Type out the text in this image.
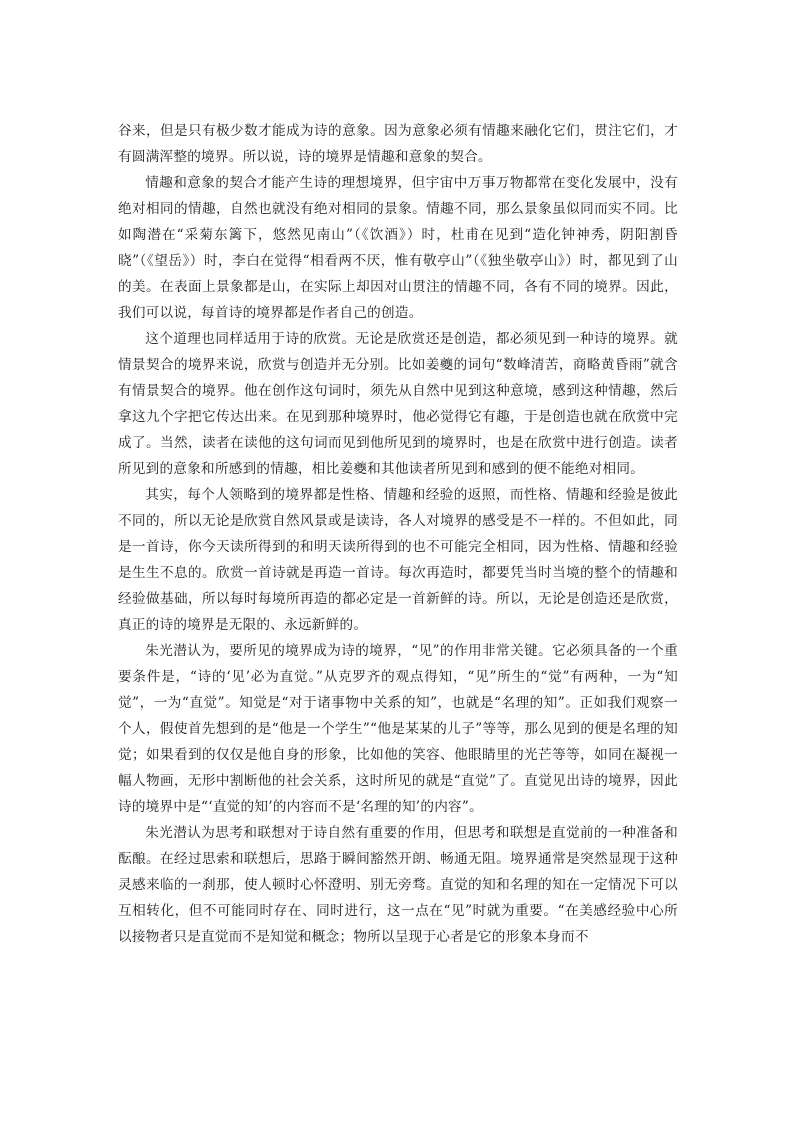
谷来，但是只有极少数才能成为诗的意象。因为意象必须有情趣来融化它们，贯注它们，才有圆满浑整的境界。所以说，诗的境界是情趣和意象的契合。

情趣和意象的契合才能产生诗的理想境界，但宇宙中万事万物都常在变化发展中，没有绝对相同的情趣，自然也就没有绝对相同的景象。情趣不同，那么景象虽似同而实不同。比如陶潜在“采菊东篱下，悠然见南山”（《饮酒》）时，杜甫在见到“造化钟神秀，阴阳割昏晓”（《望岳》）时，李白在觉得“相看两不厌，惟有敬亭山”（《独坐敬亭山》）时，都见到了山的美。在表面上景象都是山，在实际上却因对山贯注的情趣不同，各有不同的境界。因此，我们可以说，每首诗的境界都是作者自己的创造。

这个道理也同样适用于诗的欣赏。无论是欣赏还是创造，都必须见到一种诗的境界。就情景契合的境界来说，欣赏与创造并无分别。比如姜夔的词句“数峰清苦，商略黄昏雨”就含有情景契合的境界。他在创作这句词时，须先从自然中见到这种意境，感到这种情趣，然后拿这九个字把它传达出来。在见到那种境界时，他必觉得它有趣，于是创造也就在欣赏中完成了。当然，读者在读他的这句词而见到他所见到的境界时，也是在欣赏中进行创造。读者所见到的意象和所感到的情趣，相比姜夔和其他读者所见到和感到的便不能绝对相同。

其实，每个人领略到的境界都是性格、情趣和经验的返照，而性格、情趣和经验是彼此不同的，所以无论是欣赏自然风景或是读诗，各人对境界的感受是不一样的。不但如此，同是一首诗，你今天读所得到的和明天读所得到的也不可能完全相同，因为性格、情趣和经验是生生不息的。欣赏一首诗就是再造一首诗。每次再造时，都要凭当时当境的整个的情趣和经验做基础，所以每时每境所再造的都必定是一首新鲜的诗。所以，无论是创造还是欣赏，真正的诗的境界是无限的、永远新鲜的。

朱光潜认为，要所见的境界成为诗的境界，“见”的作用非常关键。它必须具备的一个重要条件是，“诗的‘见’必为直觉。”从克罗齐的观点得知，“见”所生的“觉”有两种，一为“知觉”，一为“直觉”。知觉是“对于诸事物中关系的知”，也就是“名理的知”。正如我们观察一个人，假使首先想到的是“他是一个学生”“他是某某的儿子”等等，那么见到的便是名理的知觉；如果看到的仅仅是他自身的形象，比如他的笑容、他眼睛里的光芒等等，如同在凝视一幅人物画，无形中割断他的社会关系，这时所见的就是“直觉”了。直觉见出诗的境界，因此诗的境界中是“‘直觉的知’的内容而不是‘名理的知’的内容”。

朱光潜认为思考和联想对于诗自然有重要的作用，但思考和联想是直觉前的一种准备和酝酿。在经过思索和联想后，思路于瞬间豁然开朗、畅通无阻。境界通常是突然显现于这种灵感来临的一刹那，使人顿时心怀澄明、别无旁骛。直觉的知和名理的知在一定情况下可以互相转化，但不可能同时存在、同时进行，这一点在“见”时就为重要。“在美感经验中心所以接物者只是直觉而不是知觉和概念；物所以呈现于心者是它的形象本身而不
